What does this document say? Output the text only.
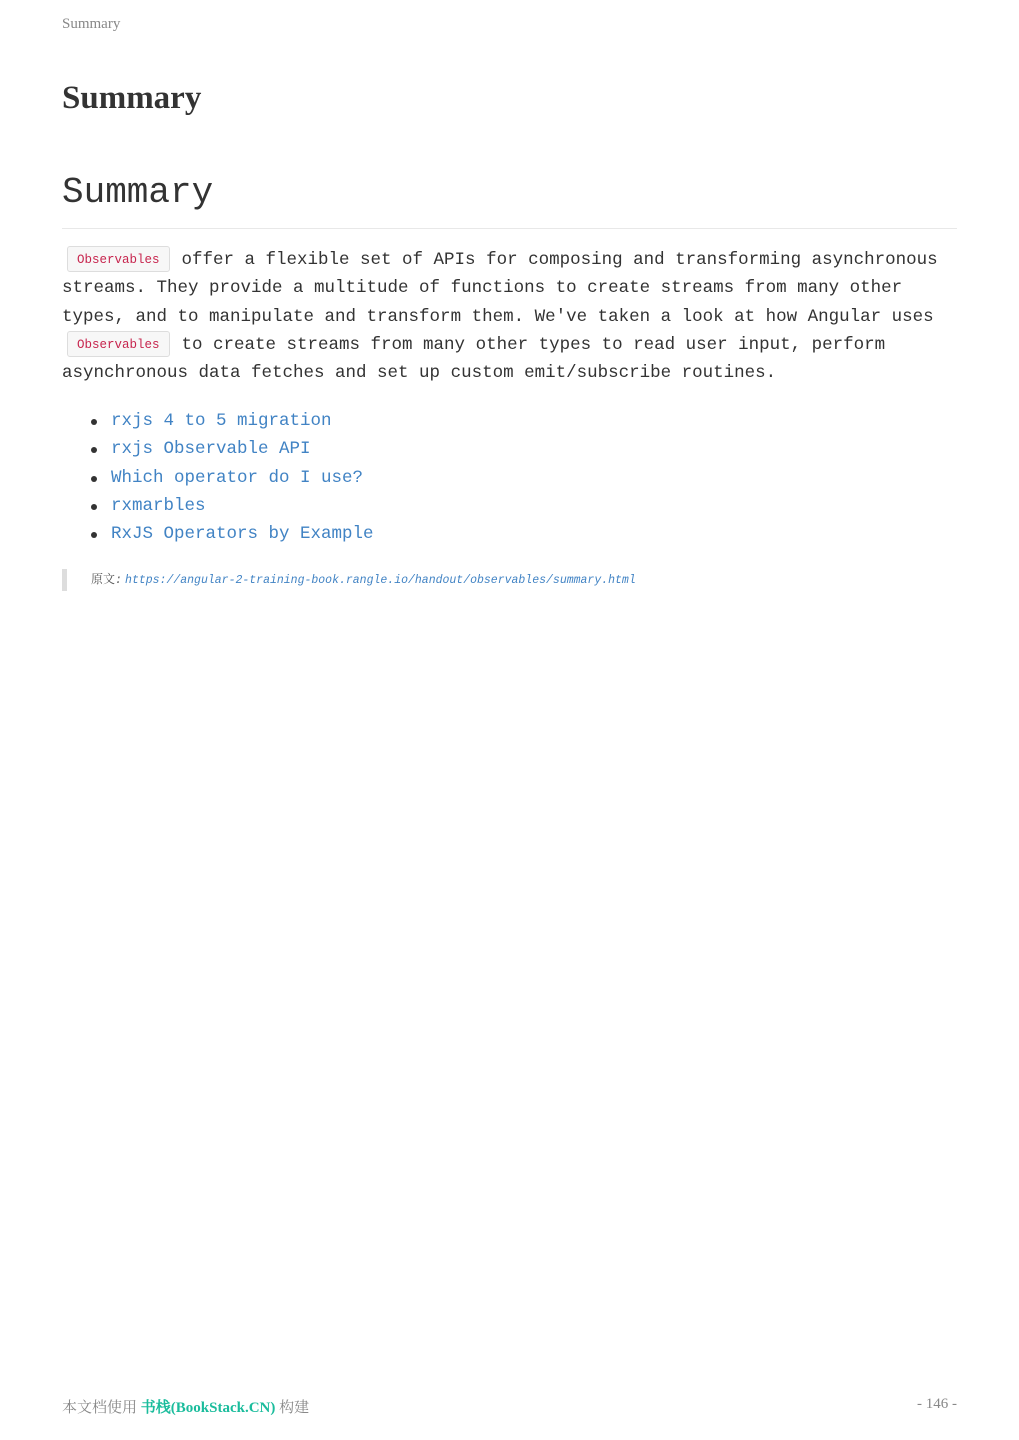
Summary
Summary
Summary

Observables offer a flexible set of APIs for composing and transforming asynchronous streams. They provide a multitude of functions to create streams from many other types, and to manipulate and transform them. We've taken a look at how Angular uses Observables to create streams from many other types to read user input, perform asynchronous data fetches and set up custom emit/subscribe routines.

rxjs 4 to 5 migration
rxjs Observable API
Which operator do I use?
rxmarbles
RxJS Operators by Example
原文: https://angular-2-training-book.rangle.io/handout/observables/summary.html
本文档使用 书栈(BookStack.CN) 构建	- 146 -
